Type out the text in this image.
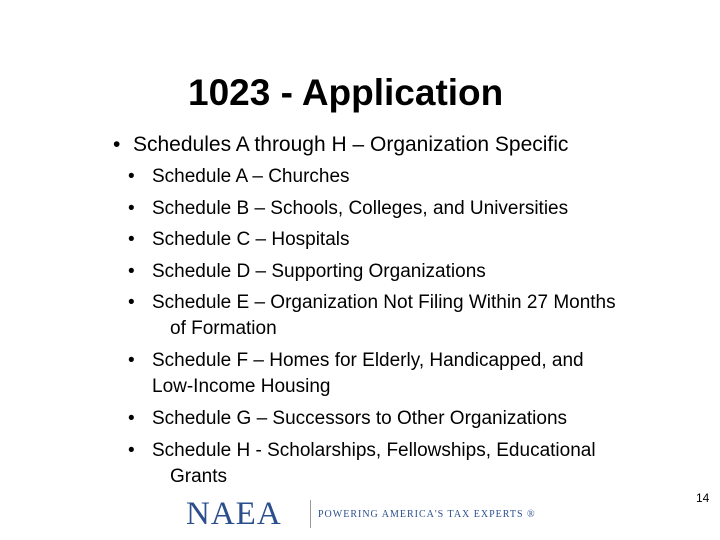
1023 - Application
• Schedules A through H – Organization Specific
• Schedule A – Churches
• Schedule B – Schools, Colleges, and Universities
• Schedule C – Hospitals
• Schedule D – Supporting Organizations
• Schedule E – Organization Not Filing Within 27 Months
of Formation
• Schedule F – Homes for Elderly, Handicapped, and
Low-Income Housing
• Schedule G – Successors to Other Organizations
• Schedule H - Scholarships, Fellowships, Educational
Grants
14
NAEA	POWERING AMERICA'S TAX EXPERTS ®
